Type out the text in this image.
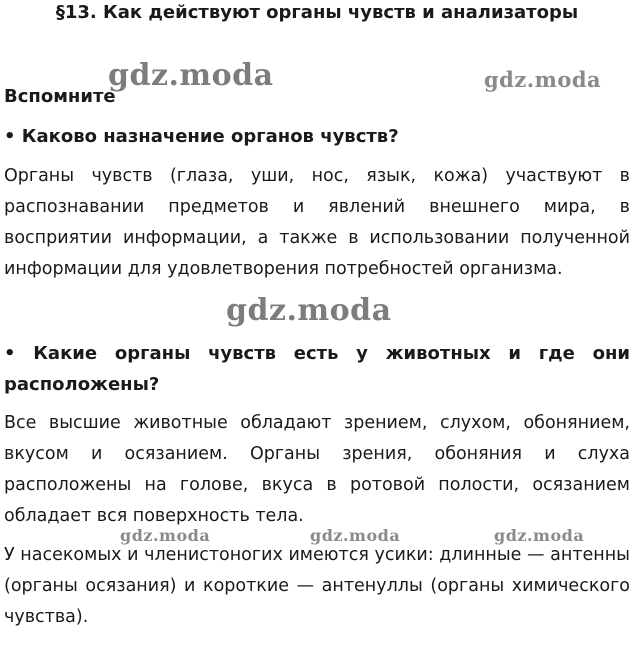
§13. Как действуют органы чувств и анализаторы
Вспомните
• Каково назначение органов чувств?
Органы чувств (глаза, уши, нос, язык, кожа) участвуют в распознавании предметов и явлений внешнего мира, в восприятии информации, а также в использовании полученной информации для удовлетворения потребностей организма.
• Какие органы чувств есть у животных и где они расположены?
Все высшие животные обладают зрением, слухом, обонянием, вкусом и осязанием. Органы зрения, обоняния и слуха расположены на голове, вкуса в ротовой полости, осязанием обладает вся поверхность тела.
У насекомых и членистоногих имеются усики: длинные — антенны (органы осязания) и короткие — антенуллы (органы химического чувства).
gdz.moda	gdz.moda
gdz.moda
gdz.moda	gdz.moda	gdz.moda
